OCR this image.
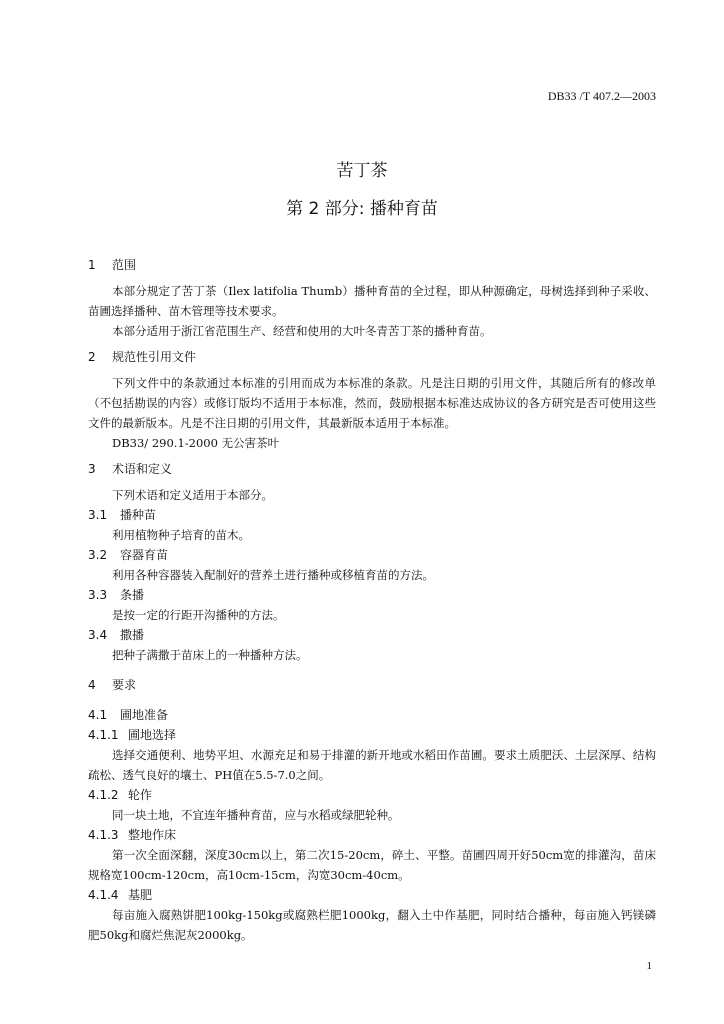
DB33 /T 407.2—2003
苦丁茶
第 2 部分: 播种育苗

1 范围

本部分规定了苦丁茶（Ilex latifolia Thumb）播种育苗的全过程，即从种源确定，母树选择到种子采收、苗圃选择播种、苗木管理等技术要求。

本部分适用于浙江省范围生产、经营和使用的大叶冬青苦丁茶的播种育苗。

2 规范性引用文件

下列文件中的条款通过本标准的引用而成为本标准的条款。凡是注日期的引用文件，其随后所有的修改单（不包括勘误的内容）或修订版均不适用于本标准，然而，鼓励根据本标准达成协议的各方研究是否可使用这些文件的最新版本。凡是不注日期的引用文件，其最新版本适用于本标准。

DB33/ 290.1-2000 无公害茶叶

3 术语和定义

下列术语和定义适用于本部分。

3.1 播种苗

利用植物种子培育的苗木。

3.2 容器育苗

利用各种容器装入配制好的营养土进行播种或移植育苗的方法。

3.3 条播

是按一定的行距开沟播种的方法。

3.4 撒播

把种子满撒于苗床上的一种播种方法。

4 要求

4.1 圃地准备

4.1.1 圃地选择

选择交通便利、地势平坦、水源充足和易于排灌的新开地或水稻田作苗圃。要求土质肥沃、土层深厚、结构疏松、透气良好的壤土、PH值在5.5-7.0之间。

4.1.2 轮作

同一块土地，不宜连年播种育苗，应与水稻或绿肥轮种。

4.1.3 整地作床

第一次全面深翻，深度30cm以上，第二次15-20cm，碎土、平整。苗圃四周开好50cm宽的排灌沟，苗床规格宽100cm-120cm，高10cm-15cm，沟宽30cm-40cm。

4.1.4 基肥

每亩施入腐熟饼肥100kg-150kg或腐熟栏肥1000kg，翻入土中作基肥，同时结合播种，每亩施入钙镁磷肥50kg和腐烂焦泥灰2000kg。

1
